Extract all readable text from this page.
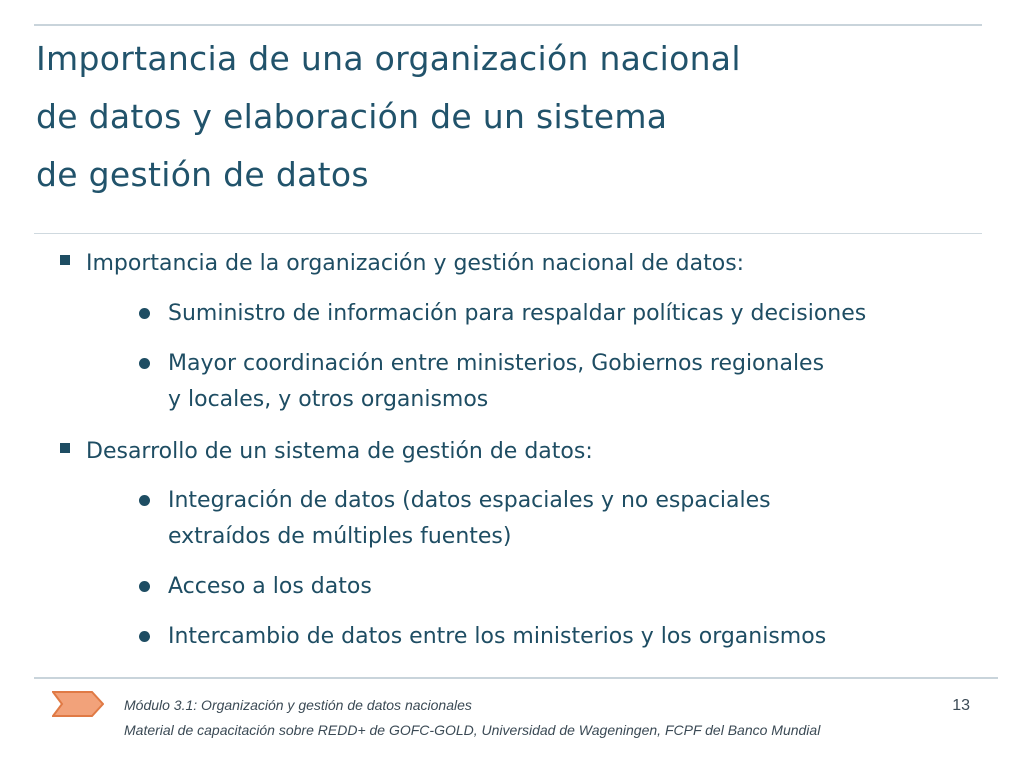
Importancia de una organización nacional
de datos y elaboración de un sistema
de gestión de datos
Importancia de la organización y gestión nacional de datos:
Suministro de información para respaldar políticas y decisiones
Mayor coordinación entre ministerios, Gobiernos regionales
y locales, y otros organismos
Desarrollo de un sistema de gestión de datos:
Integración de datos (datos espaciales y no espaciales
extraídos de múltiples fuentes)
Acceso a los datos
Intercambio de datos entre los ministerios y los organismos
Módulo 3.1: Organización y gestión de datos nacionales
Material de capacitación sobre REDD+ de GOFC-GOLD, Universidad de Wageningen, FCPF del Banco Mundial
13
